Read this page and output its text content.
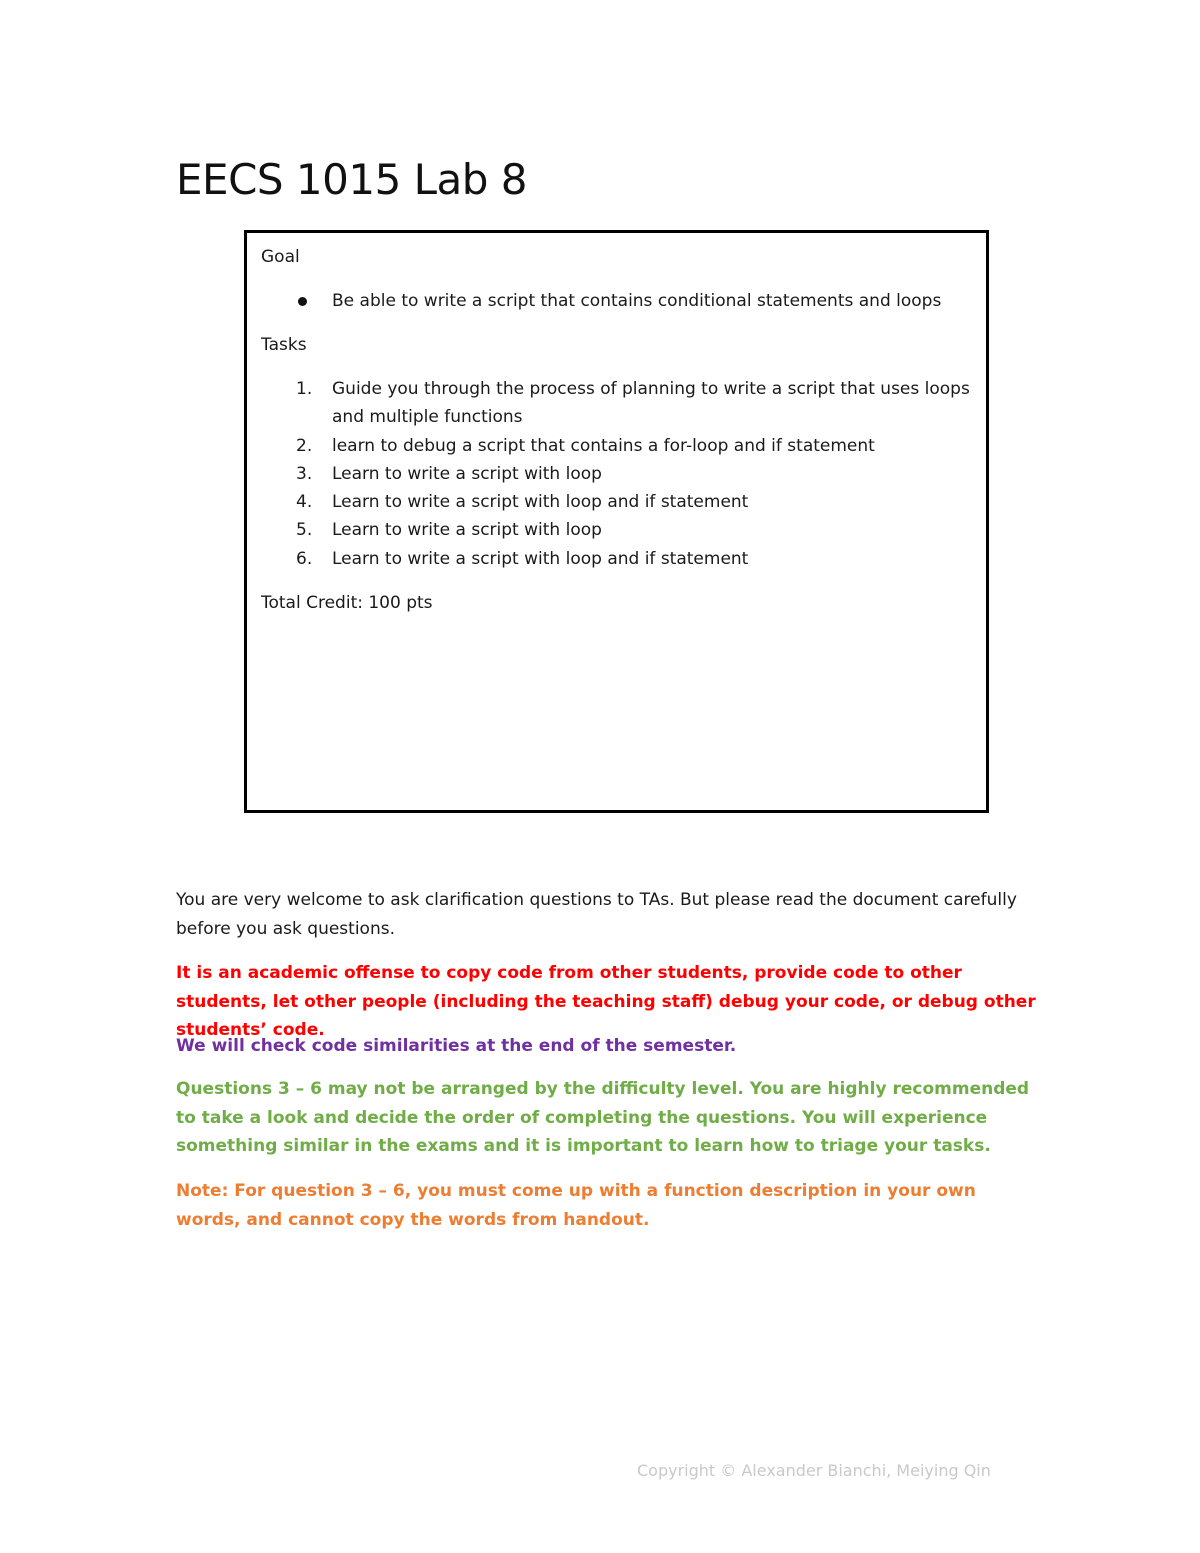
EECS 1015 Lab 8

Goal

Be able to write a script that contains conditional statements and loops

Tasks

1. Guide you through the process of planning to write a script that uses loops and multiple functions
2. learn to debug a script that contains a for-loop and if statement
3. Learn to write a script with loop
4. Learn to write a script with loop and if statement
5. Learn to write a script with loop
6. Learn to write a script with loop and if statement

Total Credit: 100 pts

You are very welcome to ask clarification questions to TAs. But please read the document carefully before you ask questions.

It is an academic offense to copy code from other students, provide code to other students, let other people (including the teaching staff) debug your code, or debug other students’ code.

We will check code similarities at the end of the semester.

Questions 3 – 6 may not be arranged by the difficulty level. You are highly recommended to take a look and decide the order of completing the questions. You will experience something similar in the exams and it is important to learn how to triage your tasks.

Note: For question 3 – 6, you must come up with a function description in your own words, and cannot copy the words from handout.

Copyright © Alexander Bianchi, Meiying Qin
